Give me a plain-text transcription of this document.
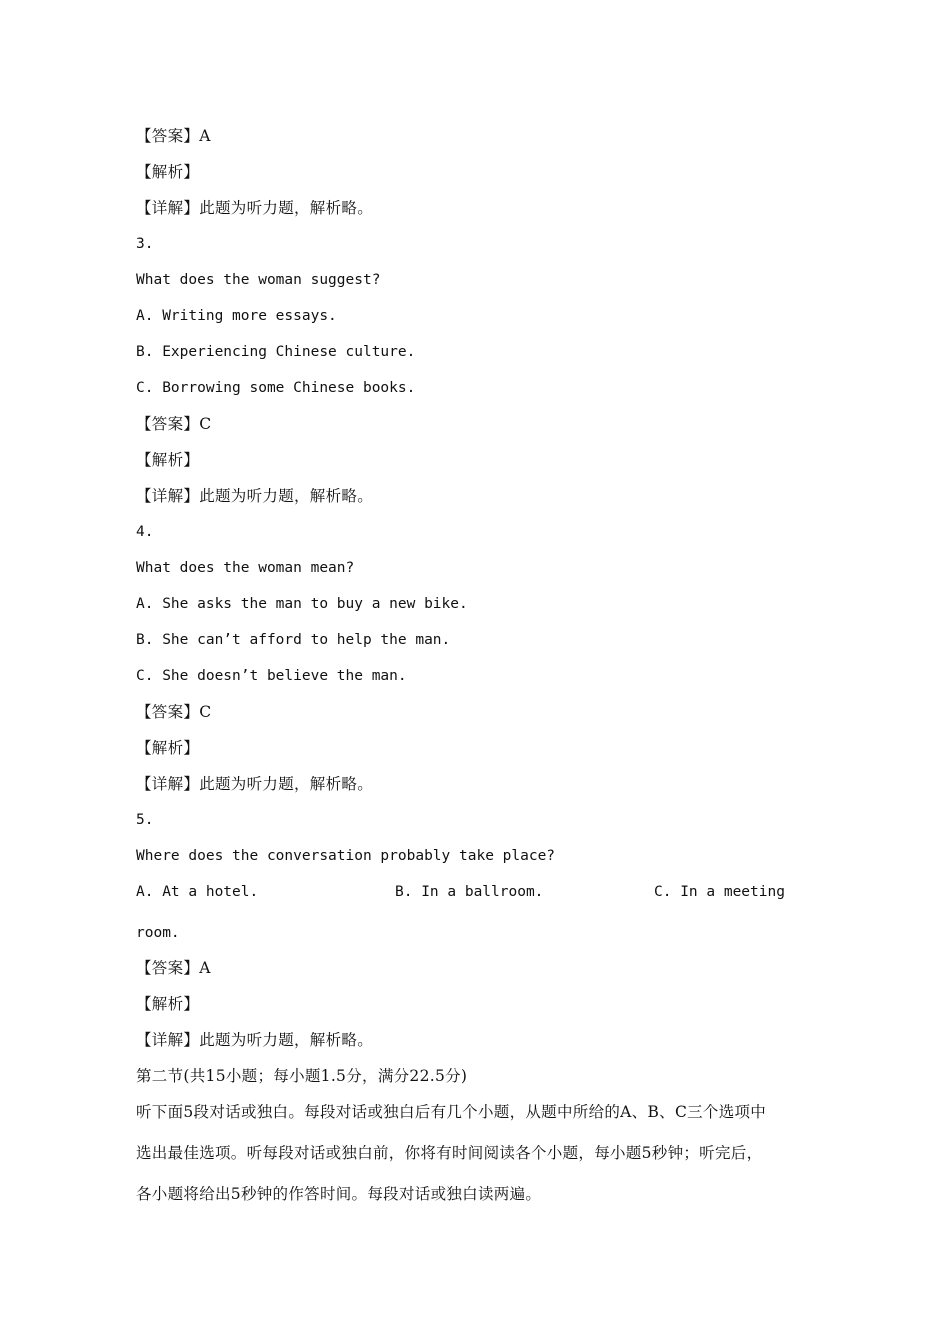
【答案】A

【解析】

【详解】此题为听力题，解析略。

3.

What does the woman suggest?

A. Writing more essays.

B. Experiencing Chinese culture.

C. Borrowing some Chinese books.

【答案】C

【解析】

【详解】此题为听力题，解析略。

4.

What does the woman mean?

A. She asks the man to buy a new bike.

B. She can’t afford to help the man.

C. She doesn’t believe the man.

【答案】C

【解析】

【详解】此题为听力题，解析略。

5.

Where does the conversation probably take place?

A. At a hotel.	B. In a ballroom.	C. In a meeting

room.

【答案】A

【解析】

【详解】此题为听力题，解析略。

第二节(共15小题；每小题1.5分，满分22.5分)

听下面5段对话或独白。每段对话或独白后有几个小题，从题中所给的A、B、C三个选项中

选出最佳选项。听每段对话或独白前，你将有时间阅读各个小题，每小题5秒钟；听完后，

各小题将给出5秒钟的作答时间。每段对话或独白读两遍。
